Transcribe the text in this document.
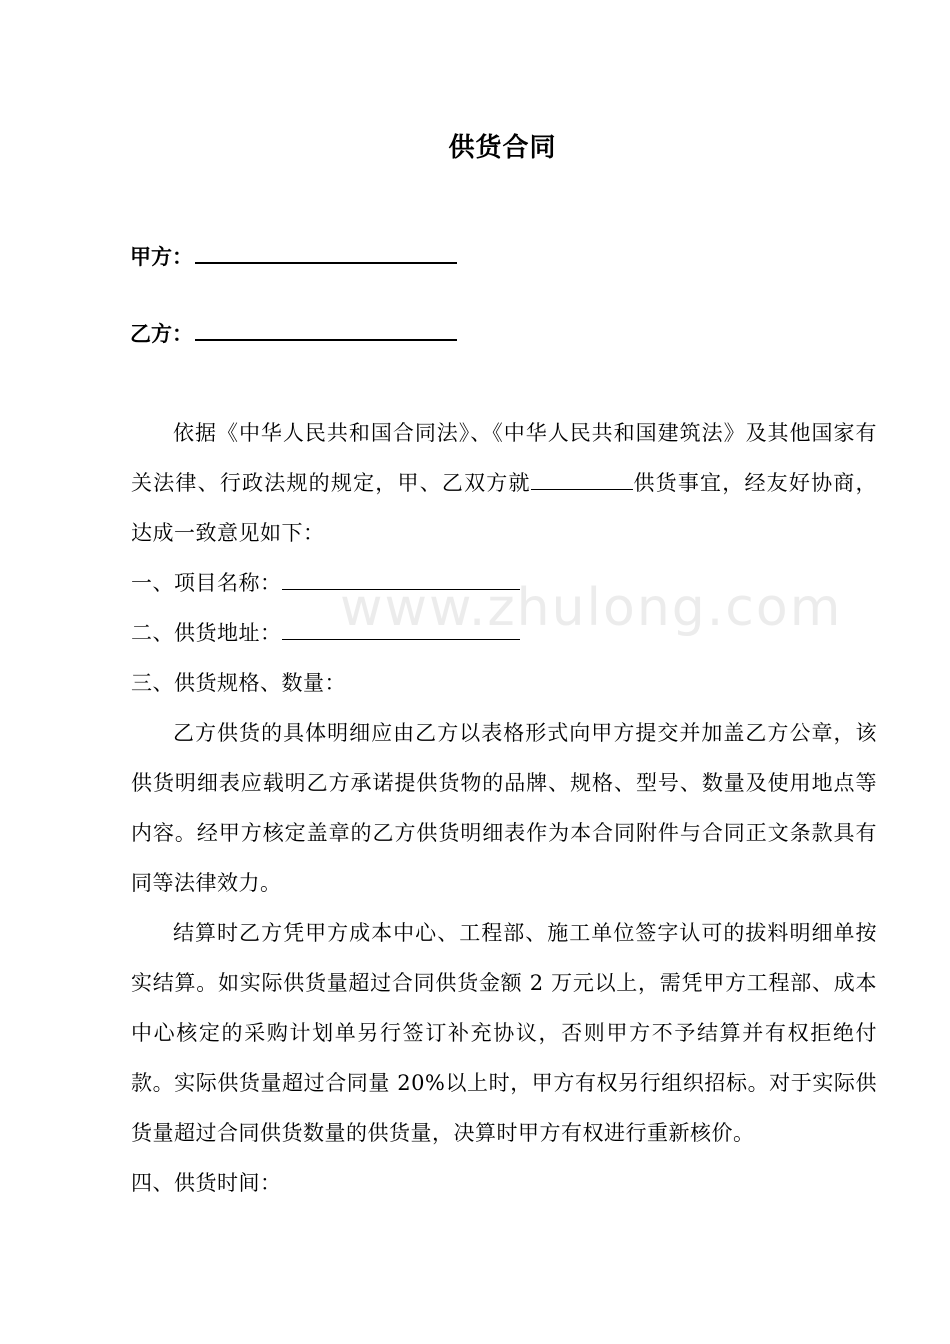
供货合同
甲方：
乙方：

依据《中华人民共和国合同法》、《中华人民共和国建筑法》及其他国家有关法律、行政法规的规定，甲、乙双方就	供货事宜，经友好协商，达成一致意见如下：

一、项目名称：

二、供货地址：

三、供货规格、数量：

乙方供货的具体明细应由乙方以表格形式向甲方提交并加盖乙方公章，该供货明细表应载明乙方承诺提供货物的品牌、规格、型号、数量及使用地点等内容。经甲方核定盖章的乙方供货明细表作为本合同附件与合同正文条款具有同等法律效力。

结算时乙方凭甲方成本中心、工程部、施工单位签字认可的拔料明细单按实结算。如实际供货量超过合同供货金额 2 万元以上，需凭甲方工程部、成本中心核定的采购计划单另行签订补充协议，否则甲方不予结算并有权拒绝付款。实际供货量超过合同量 20%以上时，甲方有权另行组织招标。对于实际供货量超过合同供货数量的供货量，决算时甲方有权进行重新核价。

四、供货时间：

www.zhulong.com
